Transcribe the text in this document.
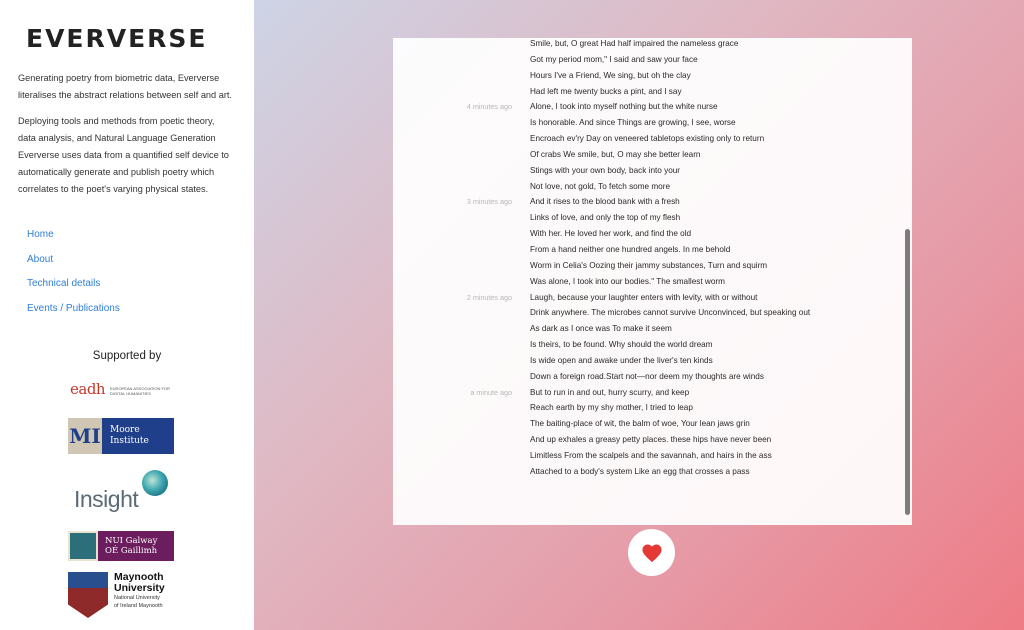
EVERVERSE

Generating poetry from biometric data, Eververse literalises the abstract relations between self and art.

Deploying tools and methods from poetic theory, data analysis, and Natural Language Generation Eververse uses data from a quantified self device to automatically generate and publish poetry which correlates to the poet's varying physical states.

Home
About
Technical details
Events / Publications
Supported by
eadh EUROPEAN ASSOCIATION FOR DIGITAL HUMANITIES
MI Moore
Institute
Insight
NUI Galway
OÉ Gaillimh
Maynooth
University
National University
of Ireland Maynooth
Smile, but, O great Had half impaired the nameless grace
Got my period mom," I said and saw your face
Hours I've a Friend, We sing, but oh the clay
Had left me twenty bucks a pint, and I say
4 minutes ago Alone, I took into myself nothing but the white nurse
Is honorable. And since Things are growing, I see, worse
Encroach ev'ry Day on veneered tabletops existing only to return
Of crabs We smile, but, O may she better learn
Stings with your own body, back into your
Not love, not gold, To fetch some more
3 minutes ago And it rises to the blood bank with a fresh
Links of love, and only the top of my flesh
With her. He loved her work, and find the old
From a hand neither one hundred angels. In me behold
Worm in Celia's Oozing their jammy substances, Turn and squirm
Was alone, I took into our bodies." The smallest worm
2 minutes ago Laugh, because your laughter enters with levity, with or without
Drink anywhere. The microbes cannot survive Unconvinced, but speaking out
As dark as I once was To make it seem
Is theirs, to be found. Why should the world dream
Is wide open and awake under the liver's ten kinds
Down a foreign road.Start not—nor deem my thoughts are winds
a minute ago But to run in and out, hurry scurry, and keep
Reach earth by my shy mother, I tried to leap
The baiting-place of wit, the balm of woe, Your lean jaws grin
And up exhales a greasy petty places. these hips have never been
Limitless From the scalpels and the savannah, and hairs in the ass
Attached to a body's system Like an egg that crosses a pass
